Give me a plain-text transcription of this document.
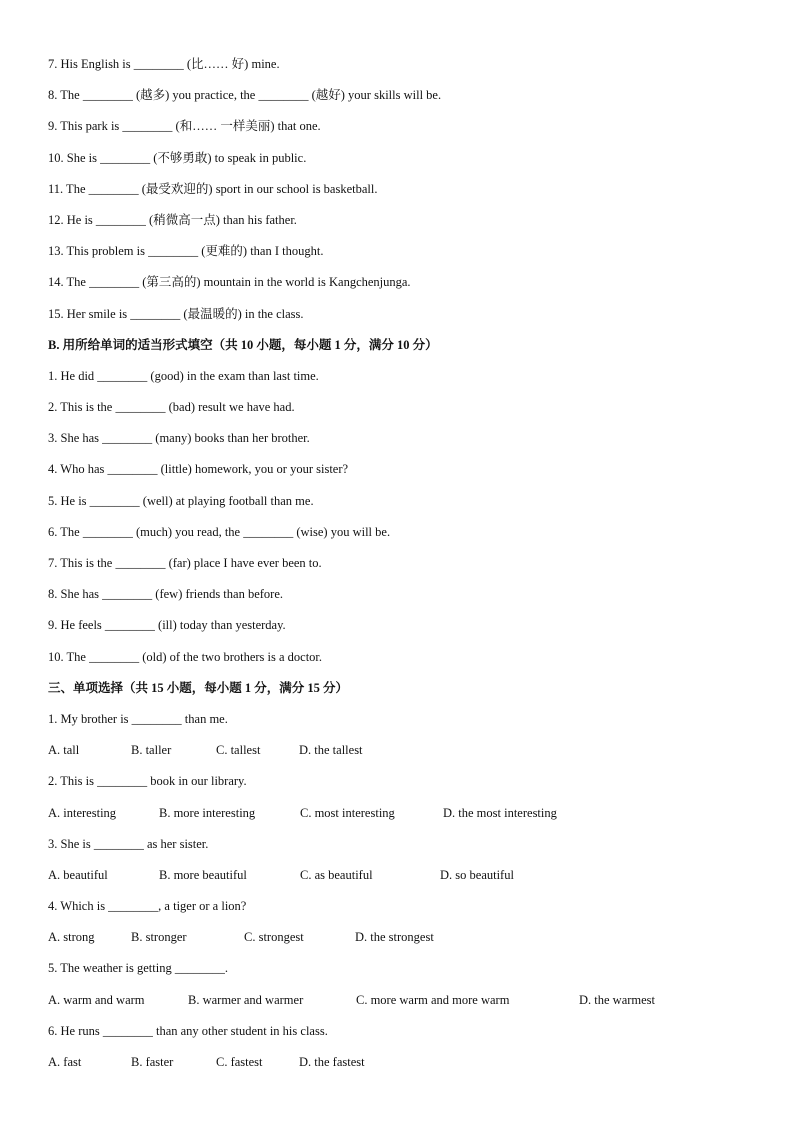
7. His English is ________ (比…… 好) mine.
8. The ________ (越多) you practice, the ________ (越好) your skills will be.
9. This park is ________ (和…… 一样美丽) that one.
10. She is ________ (不够勇敢) to speak in public.
11. The ________ (最受欢迎的) sport in our school is basketball.
12. He is ________ (稍微高一点) than his father.
13. This problem is ________ (更难的) than I thought.
14. The ________ (第三高的) mountain in the world is Kangchenjunga.
15. Her smile is ________ (最温暖的) in the class.
B. 用所给单词的适当形式填空（共 10 小题，每小题 1 分，满分 10 分）
1. He did ________ (good) in the exam than last time.
2. This is the ________ (bad) result we have had.
3. She has ________ (many) books than her brother.
4. Who has ________ (little) homework, you or your sister?
5. He is ________ (well) at playing football than me.
6. The ________ (much) you read, the ________ (wise) you will be.
7. This is the ________ (far) place I have ever been to.
8. She has ________ (few) friends than before.
9. He feels ________ (ill) today than yesterday.
10. The ________ (old) of the two brothers is a doctor.
三、单项选择（共 15 小题，每小题 1 分，满分 15 分）
1. My brother is ________ than me.
A. tall	B. taller	C. tallest	D. the tallest
2. This is ________ book in our library.
A. interesting	B. more interesting	C. most interesting	D. the most interesting
3. She is ________ as her sister.
A. beautiful	B. more beautiful	C. as beautiful	D. so beautiful
4. Which is ________, a tiger or a lion?
A. strong	B. stronger	C. strongest	D. the strongest
5. The weather is getting ________.
A. warm and warm	B. warmer and warmer	C. more warm and more warm	D. the warmest
6. He runs ________ than any other student in his class.
A. fast	B. faster	C. fastest	D. the fastest
